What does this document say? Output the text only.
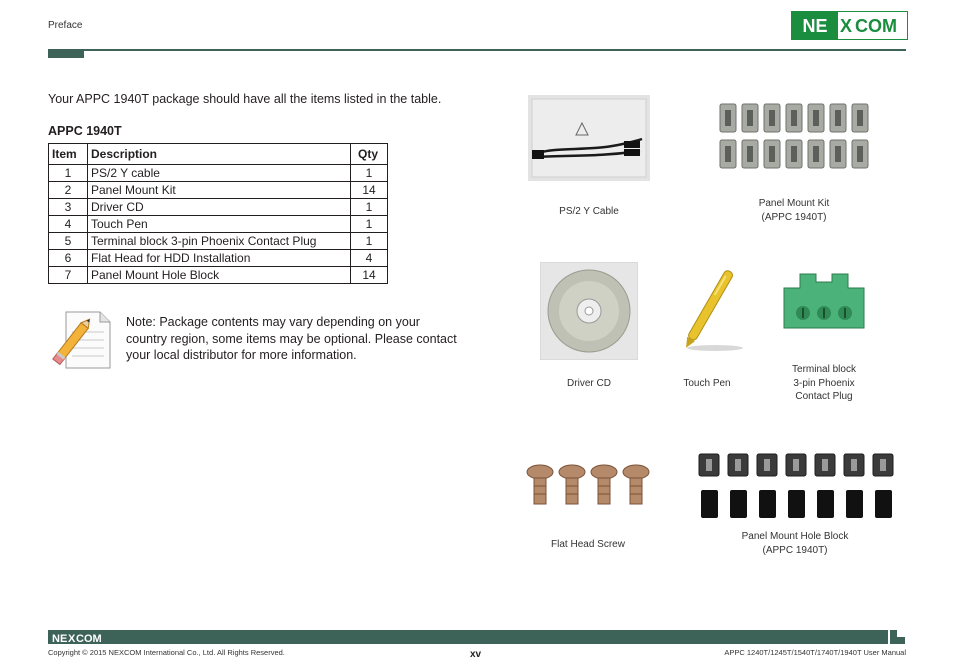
Preface	NE X COM
Your APPC 1940T package should have all the items listed in the table.
APPC 1940T
Item	Description	Qty
1	PS/2 Y cable	1
2	Panel Mount Kit	14
3	Driver CD	1
4	Touch Pen	1
5	Terminal block 3-pin Phoenix Contact Plug	1
6	Flat Head for HDD Installation	4
7	Panel Mount Hole Block	14
Note: Package contents may vary depending on your country region, some items may be optional. Please contact your local distributor for more information.
PS/2 Y Cable
Panel Mount Kit
(APPC 1940T)
Driver CD	Touch Pen
Terminal block
3-pin Phoenix
Contact Plug
Flat Head Screw
Panel Mount Hole Block
(APPC 1940T)
NE X COM
Copyright © 2015 NEXCOM International Co., Ltd. All Rights Reserved.	xv	APPC 1240T/1245T/1540T/1740T/1940T User Manual
